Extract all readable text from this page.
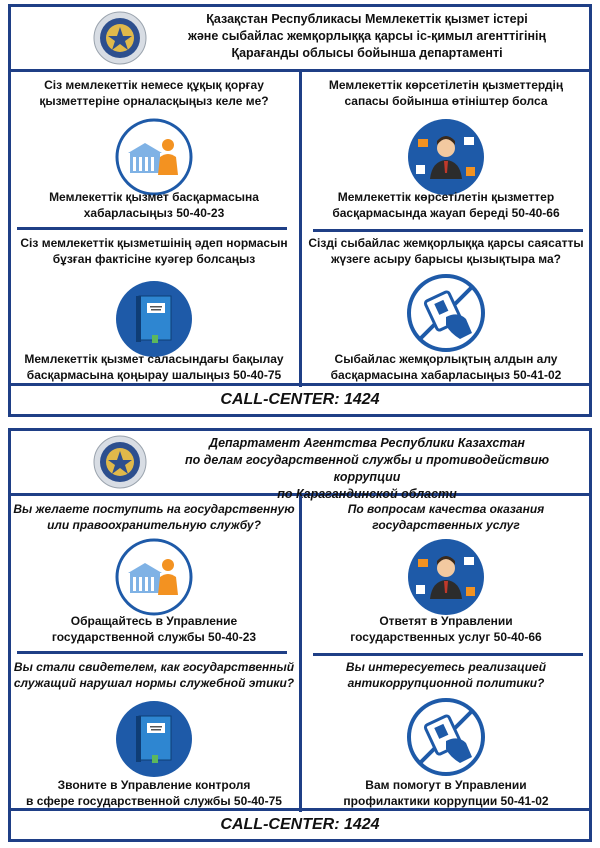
Қазақстан Республикасы Мемлекеттік қызмет істері
және сыбайлас жемқорлыққа қарсы іс-қимыл агенттігінің
Қарағанды облысы бойынша департаменті
Сіз мемлекеттік немесе құқық қорғау
қызметтеріне орналасқыңыз келе ме?
Мемлекеттік қызмет басқармасына
хабарласыңыз 50-40-23
Мемлекеттік көрсетілетін қызметтердің
сапасы бойынша өтініштер болса
Мемлекеттік көрсетілетін қызметтер
басқармасында жауап береді 50-40-66
Сіз мемлекеттік қызметшінің әдеп нормасын
бұзған фактісіне куәгер болсаңыз
Мемлекеттік қызмет саласындағы бақылау
басқармасына қоңырау шалыңыз 50-40-75
Сізді сыбайлас жемқорлыққа қарсы саясатты
жүзеге асыру барысы қызықтыра ма?
Сыбайлас жемқорлықтың алдын алу
басқармасына хабарласыңыз 50-41-02
CALL-CENTER: 1424
Департамент Агентства Республики Казахстан
по делам государственной службы и противодействию коррупции
по Карагандинской области
Вы желаете поступить на государственную
или правоохранительную службу?
Обращайтесь в Управление
государственной службы 50-40-23
По вопросам качества оказания
государственных услуг
Ответят в Управлении
государственных услуг 50-40-66
Вы стали свидетелем, как государственный
служащий нарушал нормы служебной этики?
Звоните в Управление контроля
в сфере государственной службы 50-40-75
Вы интересуетесь реализацией
антикоррупционной политики?
Вам помогут в Управлении
профилактики коррупции 50-41-02
CALL-CENTER: 1424
